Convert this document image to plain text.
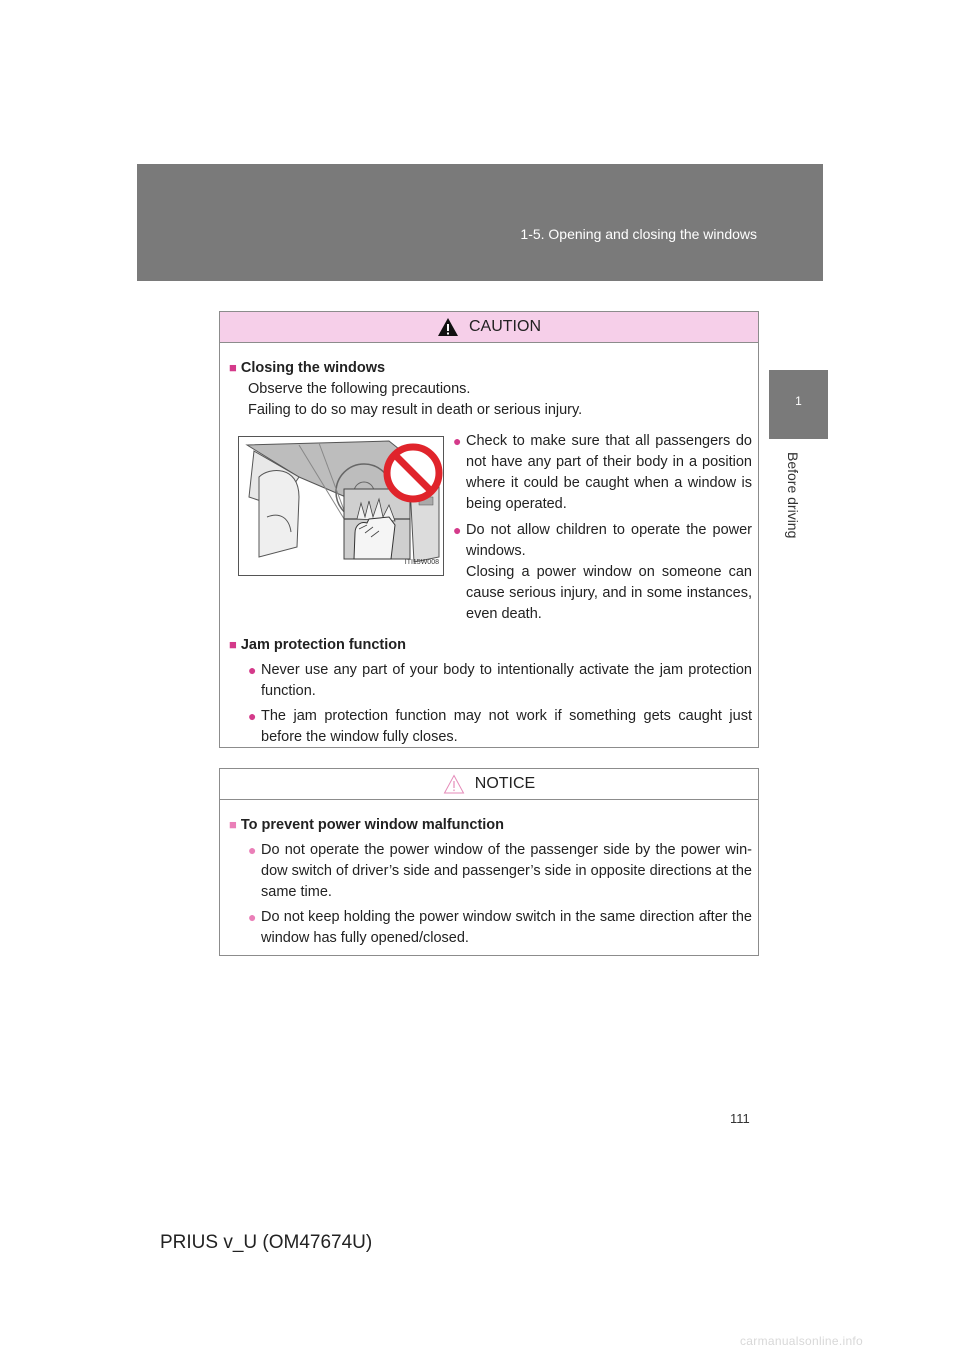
1-5. Opening and closing the windows
1
Before driving
CAUTION
■ Closing the windows
Observe the following precautions.
Failing to do so may result in death or serious injury.
ITI15W008
● Check to make sure that all passengers do not have any part of their body in a position where it could be caught when a window is being operated.
● Do not allow children to operate the power windows.
Closing a power window on someone can cause serious injury, and in some instances, even death.
■ Jam protection function
● Never use any part of your body to intentionally activate the jam protection function.
● The jam protection function may not work if something gets caught just before the window fully closes.
NOTICE
■ To prevent power window malfunction
● Do not operate the power window of the passenger side by the power win-dow switch of driver’s side and passenger’s side in opposite directions at the same time.
● Do not keep holding the power window switch in the same direction after the window has fully opened/closed.
111
PRIUS v_U (OM47674U)
carmanualsonline.info
